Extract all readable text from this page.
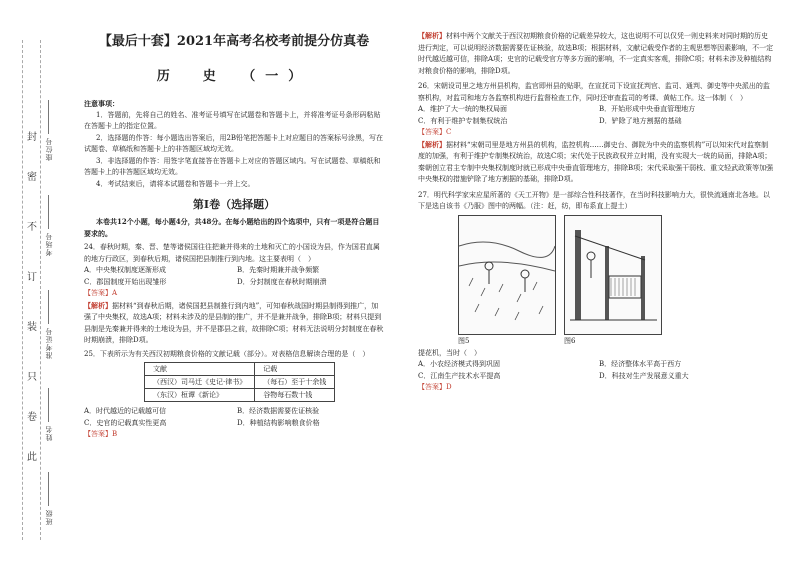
封
密
不
订
装
只
卷
此
座位号
考场号
准考证号
姓名
班级

【最后十套】2021年高考名校考前提分仿真卷

历　史　（一）

注意事项：

1．答题前，先将自己的姓名、准考证号填写在试题卷和答题卡上，并将准考证号条形码粘贴在答题卡上的指定位置。

2．选择题的作答：每小题选出答案后，用2B铅笔把答题卡上对应题目的答案标号涂黑，写在试题卷、草稿纸和答题卡上的非答题区域均无效。

3．非选择题的作答：用签字笔直接答在答题卡上对应的答题区域内。写在试题卷、草稿纸和答题卡上的非答题区域均无效。

4．考试结束后，请将本试题卷和答题卡一并上交。

第Ⅰ卷（选择题）

本卷共12个小题，每小题4分，共48分。在每小题给出的四个选项中，只有一项是符合题目要求的。

24．春秋时期，秦、晋、楚等诸侯国往往把兼并得来的土地和灭亡的小国设为县，作为国君直属的地方行政区，到春秋后期，诸侯国把县制推行到内地。这主要表明（　）

A．中央集权制度逐渐形成	B．先秦时期兼并战争频繁

C．郡国制度开始出现雏形	D．分封制度在春秋时期崩溃

【答案】A

【解析】据材料“到春秋后期，诸侯国把县制推行到内地”，可知春秋战国时期县制得到推广，加强了中央集权，故选A项；材料未涉及的是县制的推广，并不是兼并战争，排除B项；材料只提到县制是先秦兼并得来的土地设为县，并不是郡县之前，故排除C项；材料无法说明分封制度在春秋时期崩溃，排除D项。

25．下表所示为有关西汉初期粮食价格的文献记载（部分）。对表格信息解读合理的是（　）

文献	记载
（西汉）司马迁《史记·律书》	（每石）至于十余钱
（东汉）桓谭《新论》	谷物每石数十钱

A．时代越近的记载越可信	B．经济数据需要佐证核验

C．史官的记载真实性更高	D．种植结构影响粮食价格

【答案】B

【解析】材料中两个文献关于西汉初期粮食价格的记载差异较大，这也说明不可以仅凭一则史料来对同时期的历史进行判定，可以说明经济数据需要佐证核验，故选B项；根据材料，文献记载受作者的主观思想等因素影响，不一定时代越近越可信，排除A项；史官的记载受官方等多方面的影响，不一定真实客观，排除C项；材料未涉及种植结构对粮食价格的影响，排除D项。

26．宋朝设司里之地方州县机构，监官即州县的贴职，在宣抚司下设宣抚判官、监司、通判、御史等中央派出的监察机构，对监司和地方各监察机构进行监督检查工作，同时还审查监司的考课、黄帖工作。这一体制（　）

A．维护了大一统的集权局面	B．开始形成中央垂直管理地方

C．有利于维护专制集权统治	D．铲除了地方割据的基础

【答案】C

【解析】据材料“宋朝司里是地方州县的机构，监控机构……御史台、御院为中央的监察机构”可以知宋代对监察制度的加强，有利于维护专制集权统治，故选C项；宋代处于民族政权并立时期，没有实现大一统的局面，排除A项；秦朝创立君主专制中央集权制度时就已形成中央垂直管理地方，排除B项；宋代采取强干弱枝、重文轻武政策等加强中央集权的措施铲除了地方割据的基础，排除D项。

27．明代科学家宋应星所著的《天工开物》是一部综合性科技著作，在当时科技影响力大，很快流通南北各地。以下是选自该书《乃服》图中的两幅。（注：赶，纺，即布系直上提土）

图5	图6

提花机，当时（　）

A．小农经济模式得到巩固	B．经济整体水平高于西方

C．江南生产技术水平提高	D．科技对生产发展意义重大

【答案】D
